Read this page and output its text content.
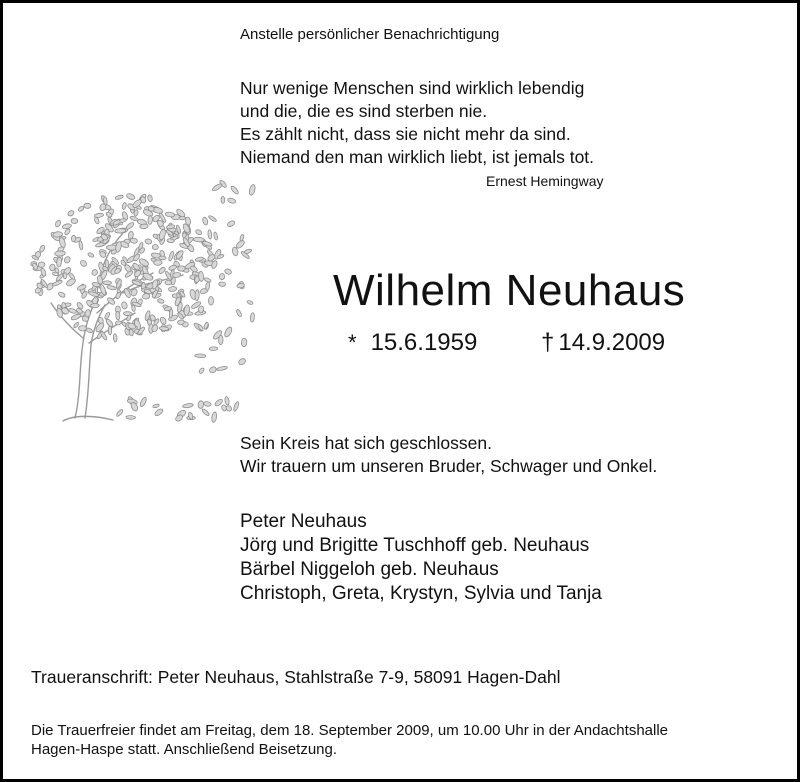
Anstelle persönlicher Benachrichtigung
Nur wenige Menschen sind wirklich lebendig
und die, die es sind sterben nie.
Es zählt nicht, dass sie nicht mehr da sind.
Niemand den man wirklich liebt, ist jemals tot.
Ernest Hemingway
Wilhelm Neuhaus
* 15.6.1959	† 14.9.2009
Sein Kreis hat sich geschlossen.
Wir trauern um unseren Bruder, Schwager und Onkel.
Peter Neuhaus
Jörg und Brigitte Tuschhoff geb. Neuhaus
Bärbel Niggeloh geb. Neuhaus
Christoph, Greta, Krystyn, Sylvia und Tanja
Traueranschrift: Peter Neuhaus, Stahlstraße 7-9, 58091 Hagen-Dahl
Die Trauerfreier findet am Freitag, dem 18. September 2009, um 10.00 Uhr in der Andachtshalle
Hagen-Haspe statt. Anschließend Beisetzung.
